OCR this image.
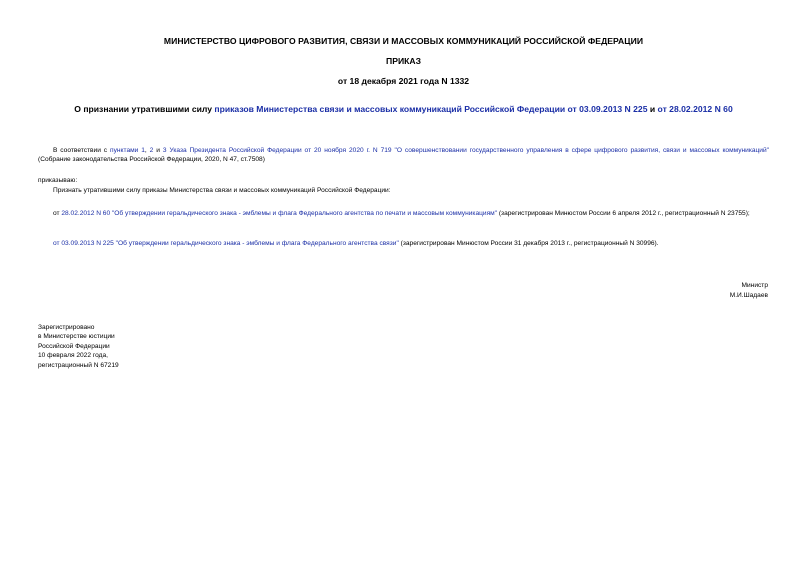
МИНИСТЕРСТВО ЦИФРОВОГО РАЗВИТИЯ, СВЯЗИ И МАССОВЫХ КОММУНИКАЦИЙ РОССИЙСКОЙ ФЕДЕРАЦИИ
ПРИКАЗ
от 18 декабря 2021 года N 1332
О признании утратившими силу приказов Министерства связи и массовых коммуникаций Российской Федерации от 03.09.2013 N 225 и от 28.02.2012 N 60
В соответствии с пунктами 1, 2 и 3 Указа Президента Российской Федерации от 20 ноября 2020 г. N 719 "О совершенствовании государственного управления в сфере цифрового развития, связи и массовых коммуникаций" (Собрание законодательства Российской Федерации, 2020, N 47, ст.7508)
приказываю:
Признать утратившими силу приказы Министерства связи и массовых коммуникаций Российской Федерации:
от 28.02.2012 N 60 "Об утверждении геральдического знака - эмблемы и флага Федерального агентства по печати и массовым коммуникациям" (зарегистрирован Минюстом России 6 апреля 2012 г., регистрационный N 23755);
от 03.09.2013 N 225 "Об утверждении геральдического знака - эмблемы и флага Федерального агентства связи" (зарегистрирован Минюстом России 31 декабря 2013 г., регистрационный N 30996).
Министр
М.И.Шадаев
Зарегистрировано
в Министерстве юстиции
Российской Федерации
10 февраля 2022 года,
регистрационный N 67219
